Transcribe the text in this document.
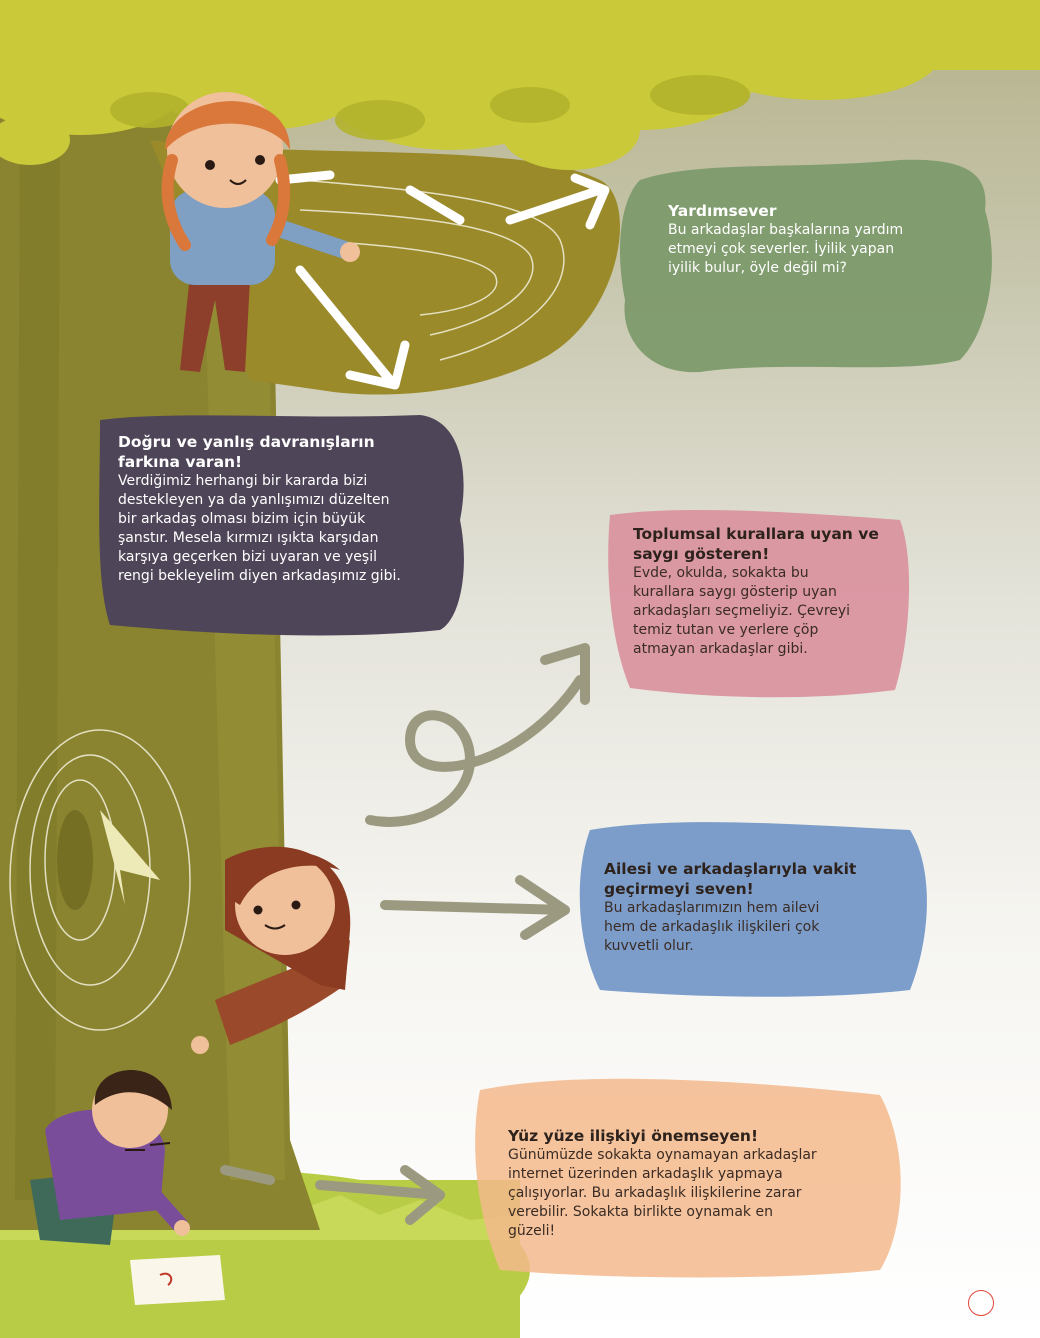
Yardımsever

Bu arkadaşlar başkalarına yardım

etmeyi çok severler. İyilik yapan

iyilik bulur, öyle değil mi?

Doğru ve yanlış davranışların
farkına varan!

Verdiğimiz herhangi bir kararda bizi

destekleyen ya da yanlışımızı düzelten

bir arkadaş olması bizim için büyük

şanstır. Mesela kırmızı ışıkta karşıdan

karşıya geçerken bizi uyaran ve yeşil

rengi bekleyelim diyen arkadaşımız gibi.

Toplumsal kurallara uyan ve
saygı gösteren!

Evde, okulda, sokakta bu

kurallara saygı gösterip uyan

arkadaşları seçmeliyiz. Çevreyi

temiz tutan ve yerlere çöp

atmayan arkadaşlar gibi.

Ailesi ve arkadaşlarıyla vakit
geçirmeyi seven!

Bu arkadaşlarımızın hem ailevi

hem de arkadaşlık ilişkileri çok

kuvvetli olur.

Yüz yüze ilişkiyi önemseyen!

Günümüzde sokakta oynamayan arkadaşlar

internet üzerinden arkadaşlık yapmaya

çalışıyorlar. Bu arkadaşlık ilişkilerine zarar

verebilir. Sokakta birlikte oynamak en

güzeli!
